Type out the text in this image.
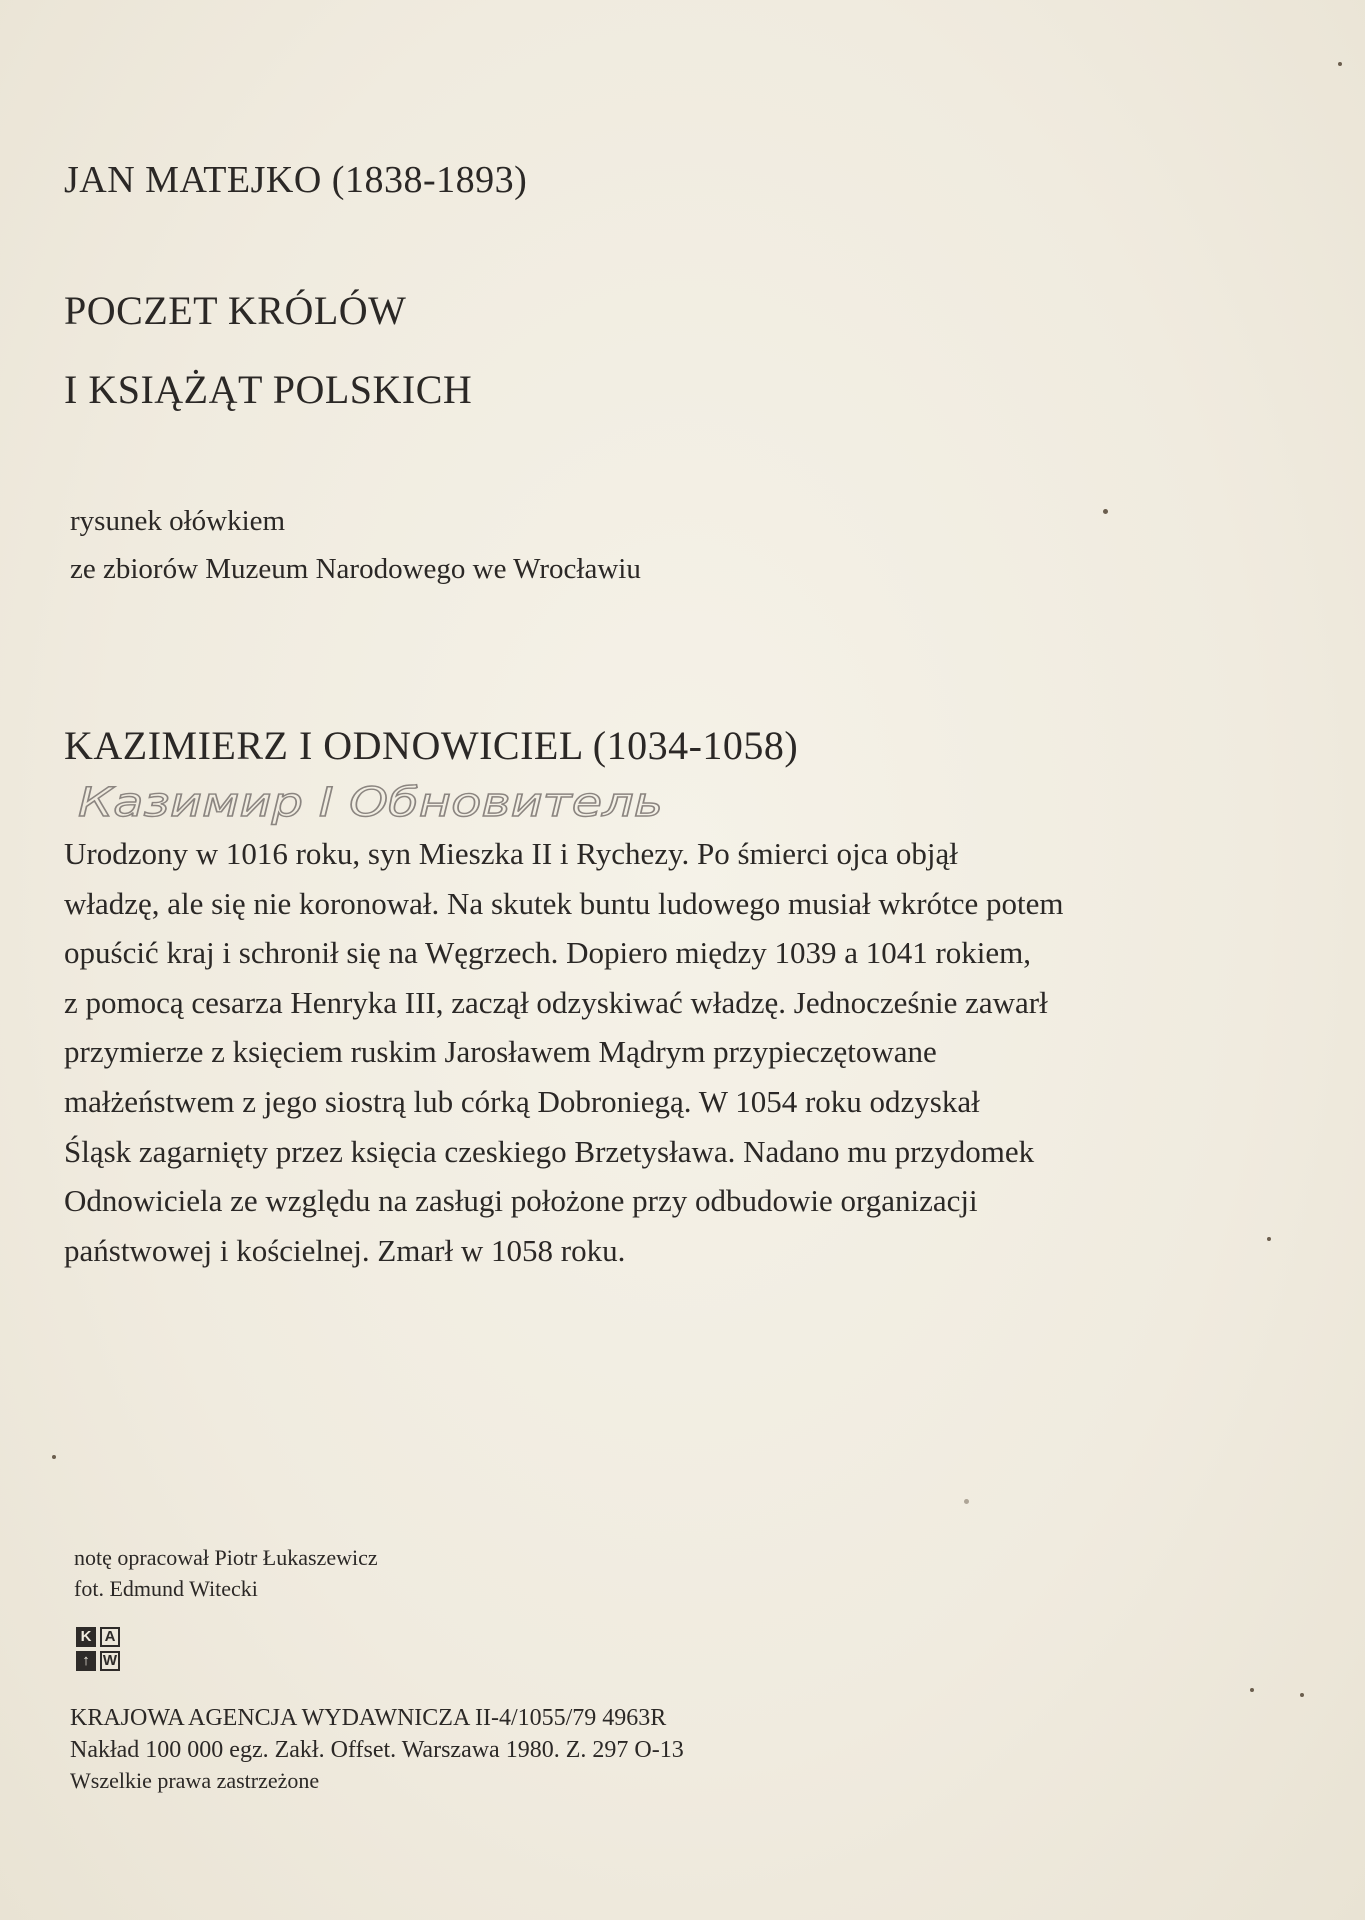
JAN MATEJKO (1838-1893)
POCZET KRÓLÓW
I KSIĄŻĄT POLSKICH
rysunek ołówkiem
ze zbiorów Muzeum Narodowego we Wrocławiu
KAZIMIERZ I ODNOWICIEL (1034-1058)
Казимир I Обновитель

Urodzony w 1016 roku, syn Mieszka II i Rychezy. Po śmierci ojca objął

władzę, ale się nie koronował. Na skutek buntu ludowego musiał wkrótce potem

opuścić kraj i schronił się na Węgrzech. Dopiero między 1039 a 1041 rokiem,

z pomocą cesarza Henryka III, zaczął odzyskiwać władzę. Jednocześnie zawarł

przymierze z księciem ruskim Jarosławem Mądrym przypieczętowane

małżeństwem z jego siostrą lub córką Dobroniegą. W 1054 roku odzyskał

Śląsk zagarnięty przez księcia czeskiego Brzetysława. Nadano mu przydomek

Odnowiciela ze względu na zasługi położone przy odbudowie organizacji

państwowej i kościelnej. Zmarł w 1058 roku.

notę opracował Piotr Łukaszewicz
fot. Edmund Witecki
K A
↑ W
KRAJOWA AGENCJA WYDAWNICZA II-4/1055/79 4963R
Nakład 100 000 egz. Zakł. Offset. Warszawa 1980. Z. 297 O-13
Wszelkie prawa zastrzeżone
